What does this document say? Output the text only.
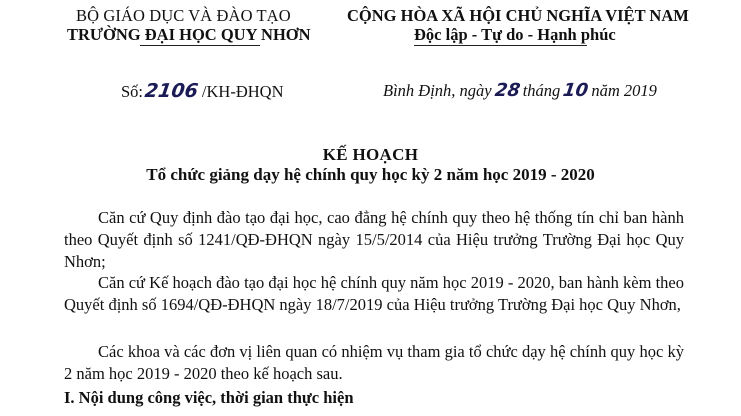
BỘ GIÁO DỤC VÀ ĐÀO TẠO
TRƯỜNG ĐẠI HỌC QUY NHƠN
CỘNG HÒA XÃ HỘI CHỦ NGHĨA VIỆT NAM
Độc lập - Tự do - Hạnh phúc
Số:2106 /KH-ĐHQN	Bình Định, ngày28tháng10năm 2019
KẾ HOẠCH
Tổ chức giảng dạy hệ chính quy học kỳ 2 năm học 2019 - 2020
Căn cứ Quy định đào tạo đại học, cao đẳng hệ chính quy theo hệ thống tín chỉ ban hành theo Quyết định số 1241/QĐ-ĐHQN ngày 15/5/2014 của Hiệu trưởng Trường Đại học Quy Nhơn;
Căn cứ Kế hoạch đào tạo đại học hệ chính quy năm học 2019 - 2020, ban hành kèm theo Quyết định số 1694/QĐ-ĐHQN ngày 18/7/2019 của Hiệu trưởng Trường Đại học Quy Nhơn,
Các khoa và các đơn vị liên quan có nhiệm vụ tham gia tổ chức dạy hệ chính quy học kỳ 2 năm học 2019 - 2020 theo kế hoạch sau.
I. Nội dung công việc, thời gian thực hiện
